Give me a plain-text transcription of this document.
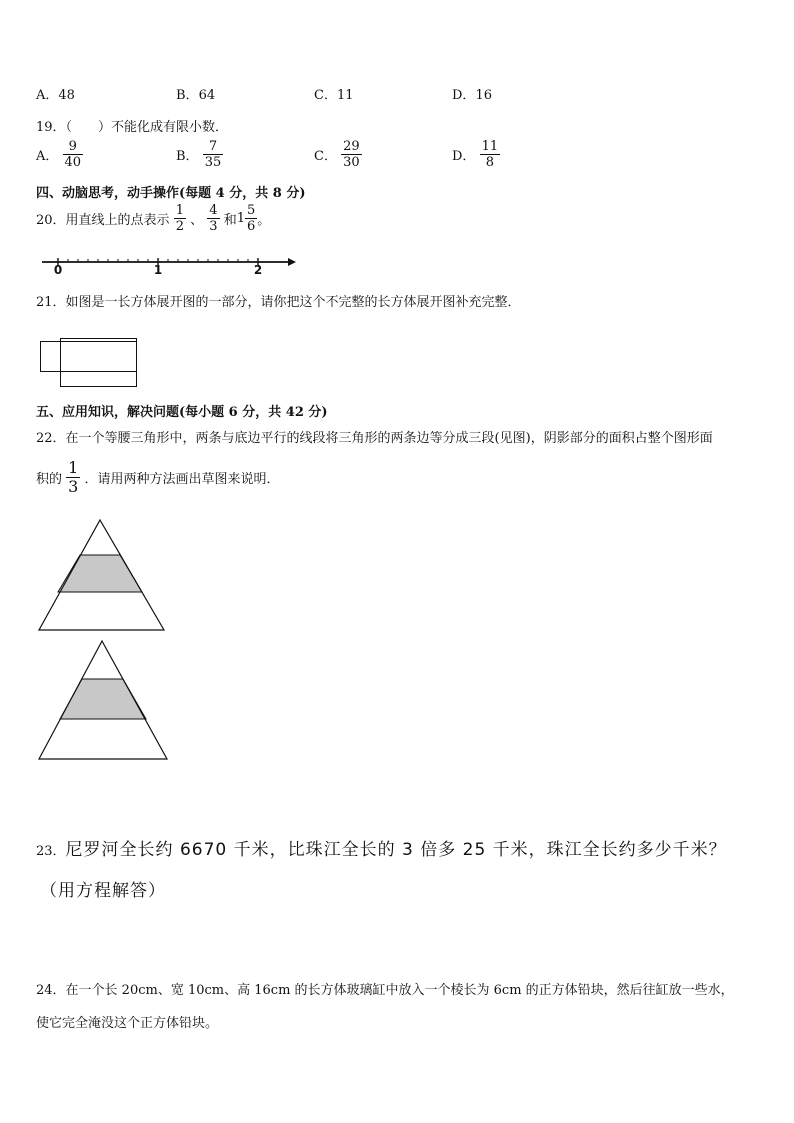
A．48	B．64	C．11	D．16
19．（　　）不能化成有限小数．
A． $\frac{9}{40}$	B． $\frac{7}{35}$	C． $\frac{29}{30}$	D． $\frac{11}{8}$
四、动脑思考，动手操作(每题 4 分，共 8 分)
20．用直线上的点表示 $\frac{1}{2}$ 、 $\frac{4}{3}$ 和$1 \frac{5}{6}$ 。
0	1	2
21．如图是一长方体展开图的一部分，请你把这个不完整的长方体展开图补充完整．
五、应用知识，解决问题(每小题 6 分，共 42 分)
22．在一个等腰三角形中，两条与底边平行的线段将三角形的两条边等分成三段(见图)，阴影部分的面积占整个图形面
积的 $\frac{1}{3}$ ．请用两种方法画出草图来说明．
23．尼罗河全长约 6670 千米，比珠江全长的 3 倍多 25 千米，珠江全长约多少千米？
（用方程解答）
24．在一个长 20cm、宽 10cm、高 16cm 的长方体玻璃缸中放入一个棱长为 6cm 的正方体铅块，然后往缸放一些水，
使它完全淹没这个正方体铅块。
